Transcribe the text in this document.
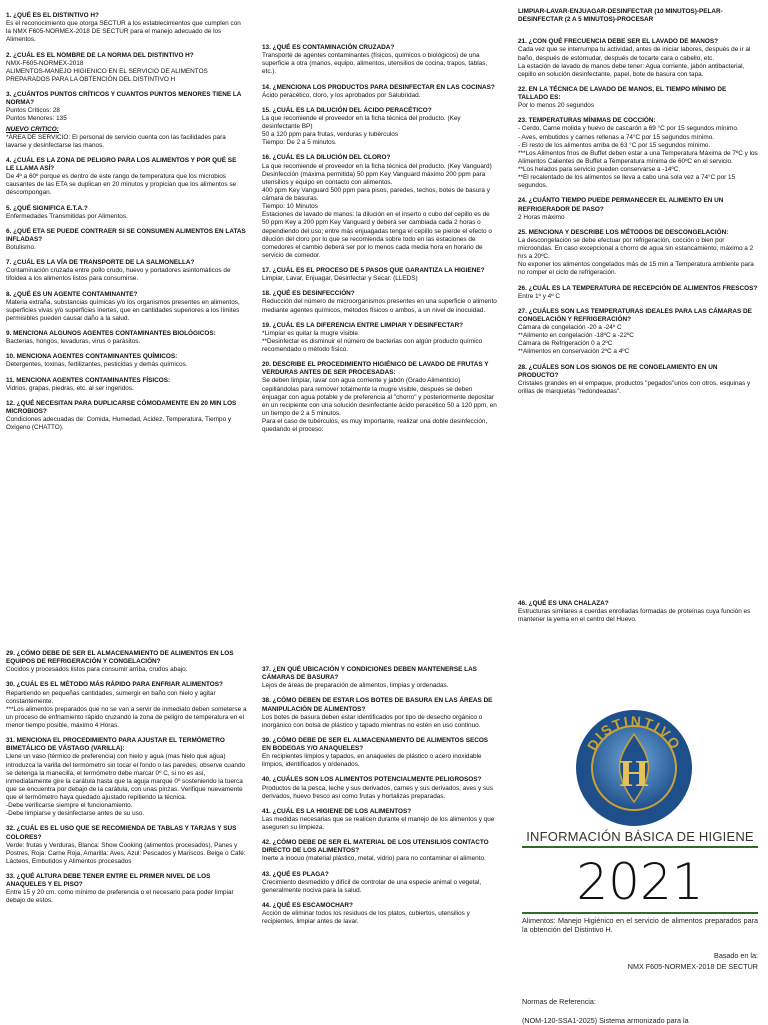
1. ¿QUÉ ES EL DISTINTIVO H?
Es el reconocimiento que otorga SECTUR a los establecimientos que cumplen con la NMX F605-NORMEX-2018 DE SECTUR para el manejo adecuado de los Alimentos.
2. ¿CUÁL ES EL NOMBRE DE LA NORMA DEL DISTINTIVO H?
NMX-F605-NORMEX-2018
ALIMENTOS-MANEJO HIGIENICO EN EL SERVICIO DE ALIMENTOS PREPARADOS PARA LA OBTENCIÓN DEL DISTINTIVO H
3. ¿CUÁNTOS PUNTOS CRÍTICOS Y CUANTOS PUNTOS MENORES TIENE LA NORMA?
Puntos Críticos: 28
Puntos Menores: 135
NUEVO CRITICO:
*ÁREA DE SERVICIO: El personal de servicio cuenta con las facilidades para lavarse y desinfectarse las manos.
4. ¿CUÁL ES LA ZONA DE PELIGRO PARA LOS ALIMENTOS Y POR QUÉ SE LE LLAMA ASÍ?
De 4º a 60º porque es dentro de este rango de temperatura que los microbios causantes de las ETA se duplican en 20 minutos y propician que los alimentos se descompongan.
5. ¿QUÉ SIGNIFICA E.T.A.?
Enfermedades Transmitidas por Alimentos.
6. ¿QUÉ ETA SE PUEDE CONTRAER SI SE CONSUMEN ALIMENTOS EN LATAS INFLADAS?
Botulismo.
7. ¿CUÁL ES LA VÍA DE TRANSPORTE DE LA SALMONELLA?
Contaminación cruzada entre pollo crudo, huevo y portadores asintomáticos de tifoidea a los alimentos listos para consumirse.
8. ¿QUÉ ES UN AGENTE CONTAMINANTE?
Materia extraña, substancias químicas y/o los organismos presentes en alimentos, superficies vivas y/o superficies inertes, que en cantidades superiores a los límites permisibles pueden causar daño a la salud.
9. MENCIONA ALGUNOS AGENTES CONTAMINANTES BIOLÓGICOS:
Bacterias, hongos, levaduras, virus o parásitos.
10. MENCIONA AGENTES CONTAMINANTES QUÍMICOS:
Detergentes, toxinas, fertilizantes, pesticidas y demás químicos.
11. MENCIONA AGENTES CONTAMINANTES FÍSICOS:
Vidrios, grapas, piedras, etc. al ser ingeridos.
12. ¿QUÉ NECESITAN PARA DUPLICARSE CÓMODAMENTE EN 20 MIN LOS MICROBIOS?
Condiciones adecuadas de: Comida, Humedad, Acidez, Temperatura, Tiempo y Oxígeno (CHATTO).
13. ¿QUÉ ES CONTAMINACIÓN CRUZADA?
Transporte de agentes contaminantes (físicos, químicos o biológicos) de una superficie a otra (manos, equipo, alimentos, utensilios de cocina, trapos, tablas, etc.).
14. ¿MENCIONA LOS PRODUCTOS PARA DESINFECTAR EN LAS COCINAS?
Ácido peracético, cloro, y los aprobados por Salubridad.
15. ¿CUÁL ES LA DILUCIÓN DEL ÁCIDO PERACÉTICO?
La que recomiende el proveedor en la ficha técnica del producto. (Key desinfectante BP)
50 a 120 ppm para frutas, verduras y tubérculos
Tiempo: De 2 a 5 minutos.
16. ¿CUÁL ES LA DILUCIÓN DEL CLORO?
La que recomiende el proveedor en la ficha técnica del producto. (Key Vanguard)
Desinfección (máxima permitida) 50 ppm Key Vanguard máximo 200 ppm para utensilios y equipo en contacto con alimentos.
400 ppm Key Vanguard 500 ppm para pisos, paredes, techos, botes de basura y cámara de basuras.
Tiempo: 10 Minutos
Estaciones de lavado de manos: la dilución en el inserto o cubo del cepillo es de 50 ppm Key a 200 ppm Key Vanguard y deberá ser cambiada cada 2 horas o dependiendo del uso; entre más enjuagadas tenga el cepillo se pierde el efecto o dilución del cloro por lo que se recomienda sobre todo en las estaciones de comedores el cambio deberá ser por lo menos cada media hora en horario de servicio de comedor.
17. ¿CUÁL ES EL PROCESO DE 5 PASOS QUE GARANTIZA LA HIGIENE?
Limpiar, Lavar, Enjuagar, Desinfectar y Secar. (LLEDS)
18. ¿QUÉ ES DESINFECCIÓN?
Reducción del número de microorganismos presentes en una superficie o alimento mediante agentes químicos, métodos físicos o ambos, a un nivel de inocuidad.
19. ¿CUÁL ES LA DIFERENCIA ENTRE LIMPIAR Y DESINFECTAR?
*Limpiar es quitar la mugre visible.
**Desinfectar es disminuir el número de bacterias con algún producto químico recomendado o método físico.
20. DESCRIBE EL PROCEDIMIENTO HIGIÉNICO DE LAVADO DE FRUTAS Y VERDURAS ANTES DE SER PROCESADAS:
Se deben limpiar, lavar con agua corriente y jabón (Grado Alimenticio) cepillándolas para remover totalmente la mugre visible, después se deben enjuagar con agua potable y de preferencia al "chorro" y posteriormente depositar en un recipiente con una solución desinfectante ácido peracético 50 a 120 ppm, en un tiempo de 2 a 5 minutos.
Para el caso de tubérculos, es muy importante, realizar una doble desinfección, quedando el proceso:
LIMPIAR-LAVAR-ENJUAGAR-DESINFECTAR (10 MINUTOS)-PELAR-DESINFECTAR (2 A 5 MINUTOS)-PROCESAR
21. ¿CON QUÉ FRECUENCIA DEBE SER EL LAVADO DE MANOS?
Cada vez que se interrumpa tu actividad, antes de iniciar labores, después de ir al baño, después de estornudar, después de tocarte cara o cabello, etc.
La estación de lavado de manos debe tener: Agua corriente, jabón antibacterial, cepillo en solución desinfectante, papel, bote de basura con tapa.
22. EN LA TÉCNICA DE LAVADO DE MANOS, EL TIEMPO MÍNIMO DE TALLADO ES:
Por lo menos 20 segundos
23. TEMPERATURAS MÍNIMAS DE COCCIÓN:
- Cerdo, Carne molida y huevo de cascarón a 69 °C por 15 segundos mínimo.
- Aves, embutidos y carnes rellenas a 74°C por 15 segundos mínimo.
- El resto de los alimentos arriba de 63 °C por 15 segundos mínimo.
***Los Alimentos fríos de Buffet deben estar a una Temperatura Máxima de 7ºC y los Alimentos Calientes de Buffet a Temperatura mínima de 60ºC en el servicio.
**Los helados para servicio pueden conservarse a -14ºC.
**El recalentado de los alimentos se lleva a cabo una sola vez a 74°C por 15 segundos.
24. ¿CUÁNTO TIEMPO PUEDE PERMANECER EL ALIMENTO EN UN REFRIGERADOR DE PASO?
2 Horas máximo
25. MENCIONA Y DESCRIBE LOS MÉTODOS DE DESCONGELACIÓN:
La descongelación se debe efectuar por refrigeración, cocción o bien por microondas. En caso excepcional a chorro de agua sin estancamiento, máximo a 2 hrs a 20ºC.
No exponer los alimentos congelados más de 15 min a Temperatura ambiente para no romper el ciclo de refrigeración.
26. ¿CUÁL ES LA TEMPERATURA DE RECEPCIÓN DE ALIMENTOS FRESCOS?
Entre 1º y 4º C
27. ¿CUÁLES SON LAS TEMPERATURAS IDEALES PARA LAS CÁMARAS DE CONGELACIÓN Y REFRIGERACIÓN?
Cámara de congelación -20 a -24º C
**Alimento en congelación -18ºC a -22ºC
Cámara de Refrigeración 0 a 2ºC
**Alimentos en conservación 2ºC a 4ºC
28. ¿CUÁLES SON LOS SIGNOS DE RE CONGELAMIENTO EN UN PRODUCTO?
Cristales grandes en el empaque, productos "pegados"unos con otros, esquinas y orillas de marquetas "redondeadas".
29. ¿CÓMO DEBE DE SER EL ALMACENAMIENTO DE ALIMENTOS EN LOS EQUIPOS DE REFRIGERACIÓN Y CONGELACIÓN?
Cocidos y procesados listos para consumir arriba, crudos abajo.
30. ¿CUÁL ES EL MÉTODO MÁS RÁPIDO PARA ENFRIAR ALIMENTOS?
Repartiendo en pequeñas cantidades, sumergir en baño con hielo y agitar constantemente.
***Los alimentos preparados que no se van a servir de inmediato deben someterse a un proceso de enfriamiento rápido cruzando la zona de peligro de temperatura en el menor tiempo posible, máximo 4 Horas.
31. MENCIONA EL PROCEDIMIENTO PARA AJUSTAR EL TERMÓMETRO BIMETÁLICO DE VÁSTAGO (VARILLA):
Llene un vaso (térmico de preferencia) con hielo y agua (mas hielo que agua) introduzca la varilla del termómetro sin tocar el fondo o las paredes, observe cuando se detenga la manecilla, el termómetro debe marcar 0º C, si no es así, inmediatamente gire la carátula hasta que la aguja marque 0º sosteniendo la tuerca que se encuentra por debajo de la carátula, con unas pinzas. Verifique nuevamente que el termómetro haya quedado ajustado repitiendo la técnica.
-Debe verificarse siempre el funcionamiento.
-Debe limpiarse y desinfectarse antes de su uso.
32. ¿CUÁL ES EL USO QUE SE RECOMIENDA DE TABLAS Y TARJAS Y SUS COLORES?
Verde: frutas y Verduras, Blanca: Show Cooking (alimentos procesados), Panes y Postres, Roja: Carne Roja, Amarilla: Aves, Azul: Pescados y Mariscos. Beige o Café: Lácteos, Embutidos y Alimentos procesados
33. ¿QUÉ ALTURA DEBE TENER ENTRE EL PRIMER NIVEL DE LOS ANAQUELES Y EL PISO?
Entre 15 y 20 cm. como mínimo de preferencia o el necesario para poder limpiar debajo de estos.
37. ¿EN QUÉ UBICACIÓN Y CONDICIONES DEBEN MANTENERSE LAS CÁMARAS DE BASURA?
Lejos de áreas de preparación de alimentos, limpias y ordenadas.
38. ¿CÓMO DEBEN DE ESTAR LOS BOTES DE BASURA EN LAS ÁREAS DE MANIPULACIÓN DE ALIMENTOS?
Los botes de basura deben estar identificados por tipo de desecho orgánico o inorgánico con bolsa de plástico y tapado mientras no estén en uso continuo.
39. ¿CÓMO DEBE DE SER EL ALMACENAMIENTO DE ALIMENTOS SECOS EN BODEGAS Y/O ANAQUELES?
En recipientes limpios y tapados, en anaqueles de plástico o acero inoxidable limpios, identificados y ordenados.
40. ¿CUÁLES SON LOS ALIMENTOS POTENCIALMENTE PELIGROSOS?
Productos de la pesca, leche y sus derivados, carnes y sus derivados, aves y sus derivados, huevo fresco así como frutas y hortalizas preparadas.
41. ¿CUÁL ES LA HIGIENE DE LOS ALIMENTOS?
Las medidas necesarias que se realicen durante el manejo de los alimentos y que aseguren su limpieza.
42. ¿CÓMO DEBE DE SER EL MATERIAL DE LOS UTENSILIOS CONTACTO DIRECTO DE LOS ALIMENTOS?
Inerte a inocuo (material plástico, metal, vidrio) para no contaminar el alimento.
43. ¿QUÉ ES PLAGA?
Crecimiento desmedido y difícil de controlar de una especie animal o vegetal, generalmente nociva para la salud.
44. ¿QUÉ ES ESCAMOCHAR?
Acción de eliminar todos los residuos de los platos, cubiertos, utensilios y recipientes, limpiar antes de lavar.
46. ¿QUÉ ES UNA CHALAZA?
Estructuras similares a cuerdas enrolladas formadas de proteínas cuya función es mantener la yema en el centro del Huevo.
DISTINTIVO
H
INFORMACIÓN BÁSICA DE HIGIENE
2021
Alimentos: Manejo Higiénico en el servicio de alimentos preparados para la obtención del Distintivo H.
Basado en la:
NMX F605-NORMEX-2018 DE SECTUR
Normas de Referencia:
(NOM-120-SSA1-2025) Sistema armonizado para la
